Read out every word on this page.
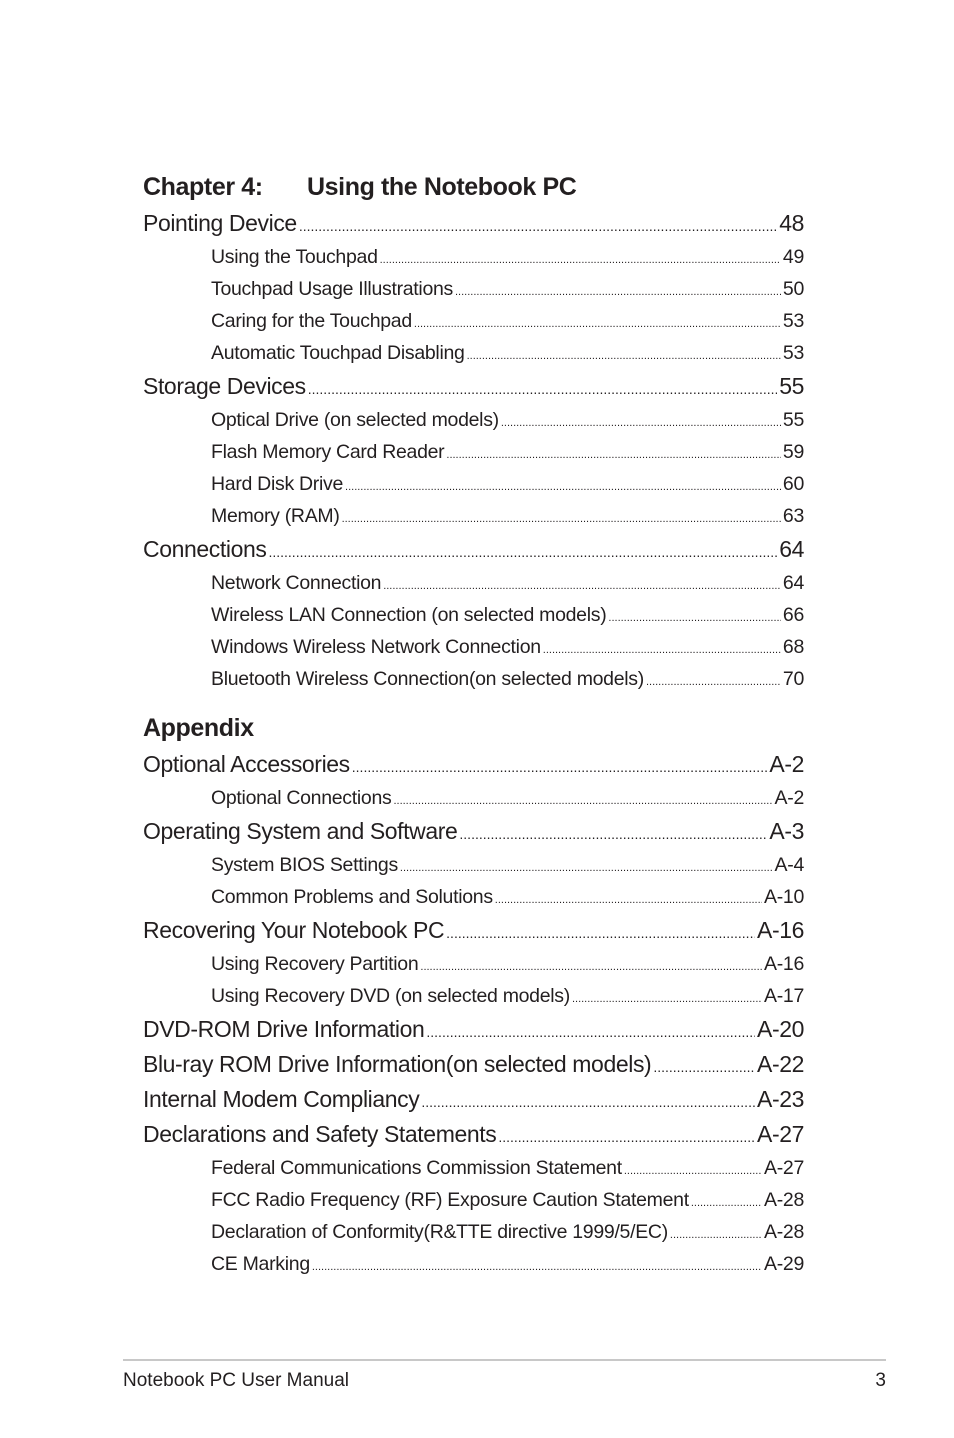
Chapter 4: Using the Notebook PC
Pointing Device .....	48
Using the Touchpad .....	49
Touchpad Usage Illustrations .....	50
Caring for the Touchpad .....	53
Automatic Touchpad Disabling .....	53
Storage Devices .....	55
Optical Drive (on selected models) .....	55
Flash Memory Card Reader .....	59
Hard Disk Drive .....	60
Memory (RAM) .....	63
Connections .....	64
Network Connection .....	64
Wireless LAN Connection (on selected models) .....	66
Windows Wireless Network Connection .....	68
Bluetooth Wireless Connection(on selected models) .....	70
Appendix
Optional Accessories .....	A-2
Optional Connections .....	A-2
Operating System and Software .....	A-3
System BIOS Settings .....	A-4
Common Problems and Solutions .....	A-10
Recovering Your Notebook PC .....	A-16
Using Recovery Partition .....	A-16
Using Recovery DVD (on selected models) .....	A-17
DVD-ROM Drive Information .....	A-20
Blu-ray ROM Drive Information(on selected models) .....	A-22
Internal Modem Compliancy .....	A-23
Declarations and Safety Statements .....	A-27
Federal Communications Commission Statement .....	A-27
FCC Radio Frequency (RF) Exposure Caution Statement .....	A-28
Declaration of Conformity(R&TTE directive 1999/5/EC) .....	A-28
CE Marking .....	A-29
Notebook PC User Manual	3
